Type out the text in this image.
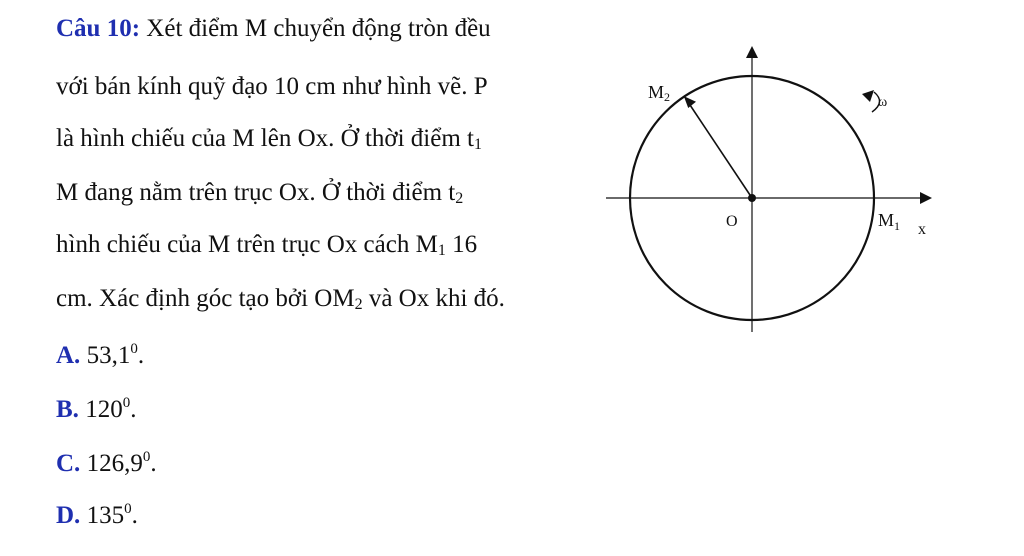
Câu 10: Xét điểm M chuyển động tròn đều
với bán kính quỹ đạo 10 cm như hình vẽ. P
là hình chiếu của M lên Ox. Ở thời điểm $t_1$
M đang nằm trên trục Ox. Ở thời điểm $t_2$
hình chiếu của M trên trục Ox cách $M_1$ 16
cm. Xác định góc tạo bởi $OM_2$ và Ox khi đó.
A. 53,1$^0$.
B. $120^0$.
C. 126,9$^0$.
D. $135^0$.
M2	ω
O	$M_1$ x
